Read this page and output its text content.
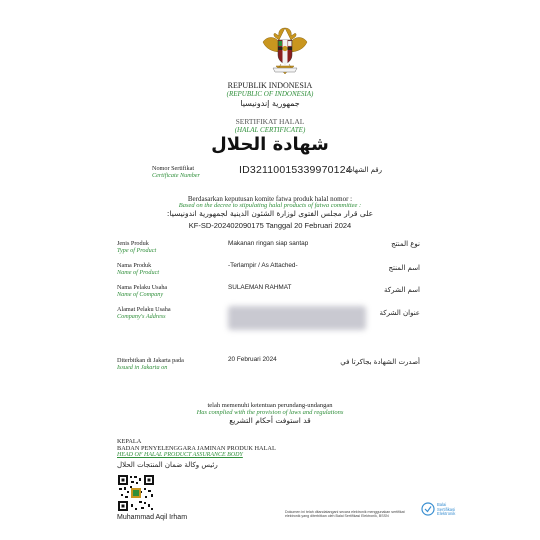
REPUBLIK INDONESIA
(REPUBLIC OF INDONESIA)
جمهورية إندونيسيا
SERTIFIKAT HALAL
(HALAL CERTIFICATE)
شهادة الحلال
Nomor Sertifikat
Certificate Number	ID32110015339970124
رقم الشهادة
Berdasarkan keputusan komite fatwa produk halal nomor :
Based on the decree to stipulating halal products of fatwa committee :
على قرار مجلس الفتوى لوزارة الشئون الدينية لجمهورية اندونيسيا:
KF-SD-202402090175 Tanggal 20 Februari 2024
Jenis Produk
Type of Product
Makanan ringan siap santap	نوع المنتج
Nama Produk
Name of Product
-Terlampir / As Attached-	اسم المنتج
Nama Pelaku Usaha
Name of Company
SULAEMAN RAHMAT	اسم الشركة
Alamat Pelaku Usaha
Company's Address	عنوان الشركة
Diterbitkan di Jakarta pada
Issued in Jakarta on
20 Februari 2024	أصدرت الشهادة بجاكرتا في
telah memenuhi ketentuan perundang-undangan
Has complied with the provision of laws and regulations
قد استوفت أحكام التشريع
KEPALA
BADAN PENYELENGGARA JAMINAN PRODUK HALAL
HEAD OF HALAL PRODUCT ASSURANCE BODY
رئيس وكالة ضمان المنتجات الحلال
Muhammad Aqil Irham
Dokumen ini telah ditandatangani secara elektronik menggunakan sertifikat elektronik yang diterbitkan oleh Balai Sertifikasi Elektronik, BSSN
Balai
Sertifikasi
Elektronik
